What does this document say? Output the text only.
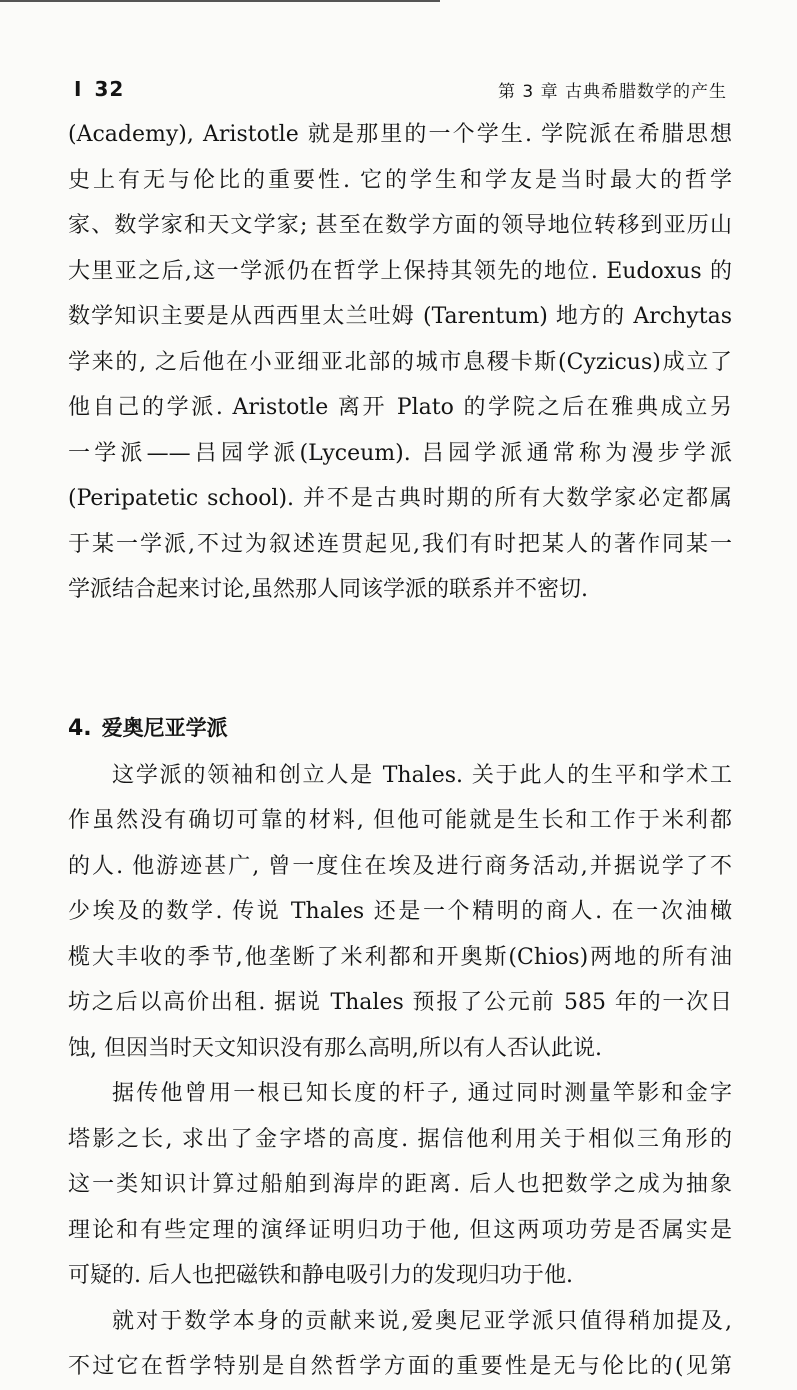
I 32	第 3 章 古典希腊数学的产生
(Academy), Aristotle 就是那里的一个学生. 学院派在希腊思想
史上有无与伦比的重要性. 它的学生和学友是当时最大的哲学
家、数学家和天文学家; 甚至在数学方面的领导地位转移到亚历山
大里亚之后,这一学派仍在哲学上保持其领先的地位. Eudoxus 的
数学知识主要是从西西里太兰吐姆 (Tarentum) 地方的 Archytas
学来的, 之后他在小亚细亚北部的城市息稷卡斯(Cyzicus)成立了
他自己的学派. Aristotle 离开 Plato 的学院之后在雅典成立另
一学派——吕园学派(Lyceum). 吕园学派通常称为漫步学派
(Peripatetic school). 并不是古典时期的所有大数学家必定都属
于某一学派,不过为叙述连贯起见,我们有时把某人的著作同某一
学派结合起来讨论,虽然那人同该学派的联系并不密切.
4. 爱奥尼亚学派
这学派的领袖和创立人是 Thales. 关于此人的生平和学术工
作虽然没有确切可靠的材料, 但他可能就是生长和工作于米利都
的人. 他游迹甚广, 曾一度住在埃及进行商务活动,并据说学了不
少埃及的数学. 传说 Thales 还是一个精明的商人. 在一次油橄
榄大丰收的季节,他垄断了米利都和开奥斯(Chios)两地的所有油
坊之后以高价出租. 据说 Thales 预报了公元前 585 年的一次日
蚀, 但因当时天文知识没有那么高明,所以有人否认此说.
据传他曾用一根已知长度的杆子, 通过同时测量竿影和金字
塔影之长, 求出了金字塔的高度. 据信他利用关于相似三角形的
这一类知识计算过船舶到海岸的距离. 后人也把数学之成为抽象
理论和有些定理的演绎证明归功于他, 但这两项功劳是否属实是
可疑的. 后人也把磁铁和静电吸引力的发现归功于他.
就对于数学本身的贡献来说,爱奥尼亚学派只值得稍加提及,
不过它在哲学特别是自然哲学方面的重要性是无与伦比的(见第
